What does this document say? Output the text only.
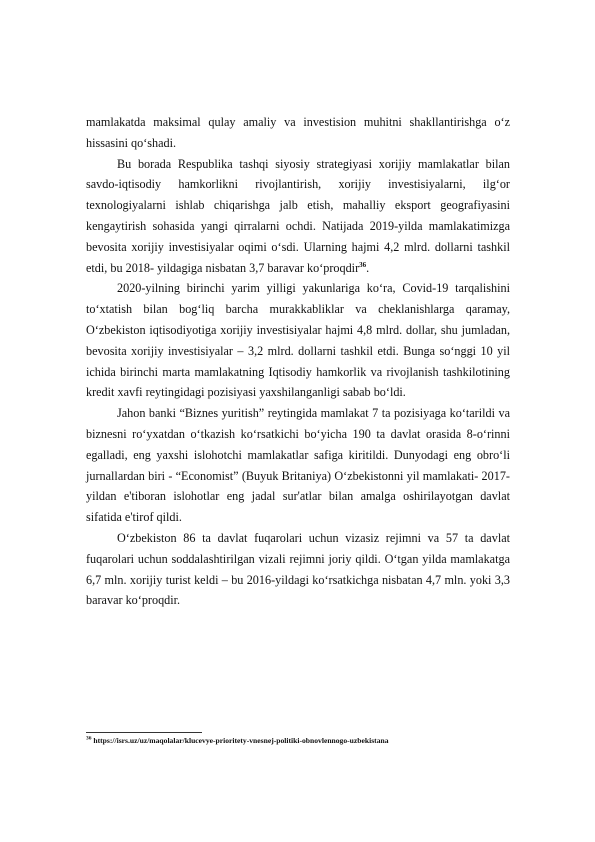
mamlakatda maksimal qulay amaliy va investision muhitni shakllantirishga oʻz hissasini qoʻshadi.

Bu borada Respublika tashqi siyosiy strategiyasi xorijiy mamlakatlar bilan savdo-iqtisodiy hamkorlikni rivojlantirish, xorijiy investisiyalarni, ilgʻor texnologiyalarni ishlab chiqarishga jalb etish, mahalliy eksport geografiyasini kengaytirish sohasida yangi qirralarni ochdi. Natijada 2019-yilda mamlakatimizga bevosita xorijiy investisiyalar oqimi oʻsdi. Ularning hajmi 4,2 mlrd. dollarni tashkil etdi, bu 2018- yildagiga nisbatan 3,7 baravar koʻproqdir$^{36}$.

2020-yilning birinchi yarim yilligi yakunlariga koʻra, Covid-19 tarqalishini toʻxtatish bilan bogʻliq barcha murakkabliklar va cheklanishlarga qaramay, Oʻzbekiston iqtisodiyotiga xorijiy investisiyalar hajmi 4,8 mlrd. dollar, shu jumladan, bevosita xorijiy investisiyalar – 3,2 mlrd. dollarni tashkil etdi. Bunga soʻnggi 10 yil ichida birinchi marta mamlakatning Iqtisodiy hamkorlik va rivojlanish tashkilotining kredit xavfi reytingidagi pozisiyasi yaxshilanganligi sabab boʻldi.

Jahon banki “Biznes yuritish” reytingida mamlakat 7 ta pozisiyaga koʻtarildi va biznesni roʻyxatdan oʻtkazish koʻrsatkichi boʻyicha 190 ta davlat orasida 8-oʻrinni egalladi, eng yaxshi islohotchi mamlakatlar safiga kiritildi. Dunyodagi eng obroʻli jurnallardan biri - “Economist” (Buyuk Britaniya) Oʻzbekistonni yil mamlakati- 2017-yildan e'tiboran islohotlar eng jadal sur'atlar bilan amalga oshirilayotgan davlat sifatida e'tirof qildi.

Oʻzbekiston 86 ta davlat fuqarolari uchun vizasiz rejimni va 57 ta davlat fuqarolari uchun soddalashtirilgan vizali rejimni joriy qildi. Oʻtgan yilda mamlakatga 6,7 mln. xorijiy turist keldi – bu 2016-yildagi koʻrsatkichga nisbatan 4,7 mln. yoki 3,3 baravar koʻproqdir.

$^{36}$ https://isrs.uz/uz/maqolalar/klucevye-prioritety-vnesnej-politiki-obnovlennogo-uzbekistana
